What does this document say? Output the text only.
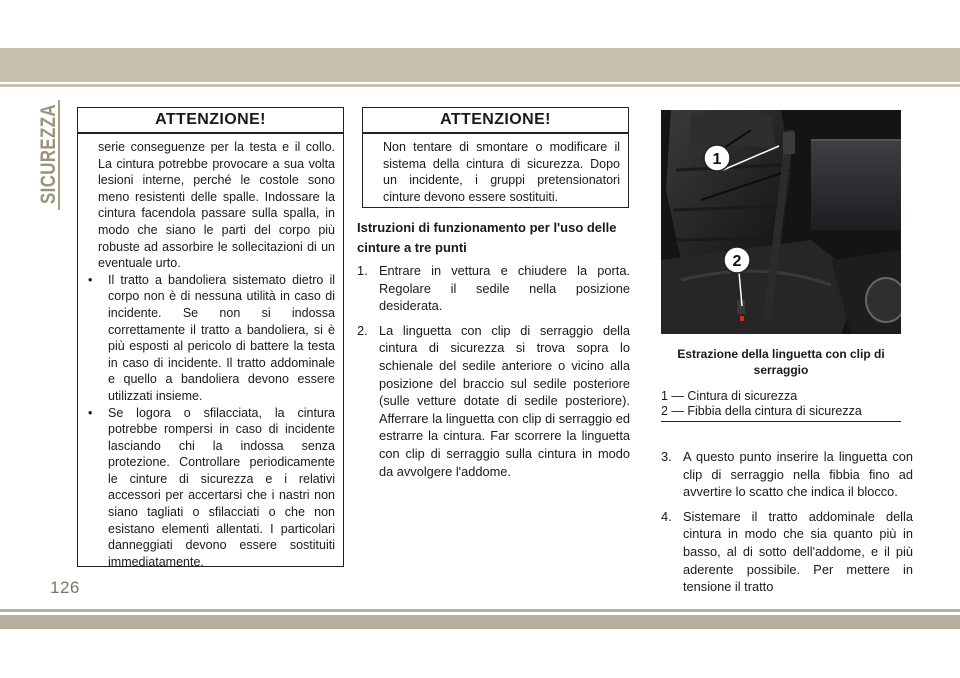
SICUREZZA	ATTENZIONE!

serie conseguenze per la testa e il collo. La cintura potrebbe provocare a sua volta lesioni interne, perché le costole sono meno resistenti delle spalle. Indossare la cintura facendola passare sulla spalla, in modo che siano le parti del corpo più robuste ad assorbire le sollecitazioni di un eventuale urto.

•	Il tratto a bandoliera sistemato dietro il corpo non è di nessuna utilità in caso di incidente. Se non si indossa correttamente il tratto a bandoliera, si è più esposti al pericolo di battere la testa in caso di incidente. Il tratto addominale e quello a bandoliera devono essere utilizzati insieme.
•	Se logora o sfilacciata, la cintura potrebbe rompersi in caso di incidente lasciando chi la indossa senza protezione. Controllare periodicamente le cinture di sicurezza e i relativi accessori per accertarsi che i nastri non siano tagliati o sfilacciati o che non esistano elementi allentati. I particolari danneggiati devono essere sostituiti immediatamente.
ATTENZIONE!

Non tentare di smontare o modificare il sistema della cintura di sicurezza. Dopo un incidente, i gruppi pretensionatori cinture devono essere sostituiti.

Istruzioni di funzionamento per l'uso delle cinture a tre punti
1. Entrare in vettura e chiudere la porta. Regolare il sedile nella posizione desiderata.
2. La linguetta con clip di serraggio della cintura di sicurezza si trova sopra lo schienale del sedile anteriore o vicino alla posizione del braccio sul sedile posteriore (sulle vetture dotate di sedile posteriore). Afferrare la linguetta con clip di serraggio ed estrarre la cintura. Far scorrere la linguetta con clip di serraggio sulla cintura in modo da avvolgere l'addome.
1
2
Estrazione della linguetta con clip di serraggio
1 — Cintura di sicurezza
2 — Fibbia della cintura di sicurezza
3. A questo punto inserire la linguetta con clip di serraggio nella fibbia fino ad avvertire lo scatto che indica il blocco.
4. Sistemare il tratto addominale della cintura in modo che sia quanto più in basso, al di sotto dell'addome, e il più aderente possibile. Per mettere in tensione il tratto
126
